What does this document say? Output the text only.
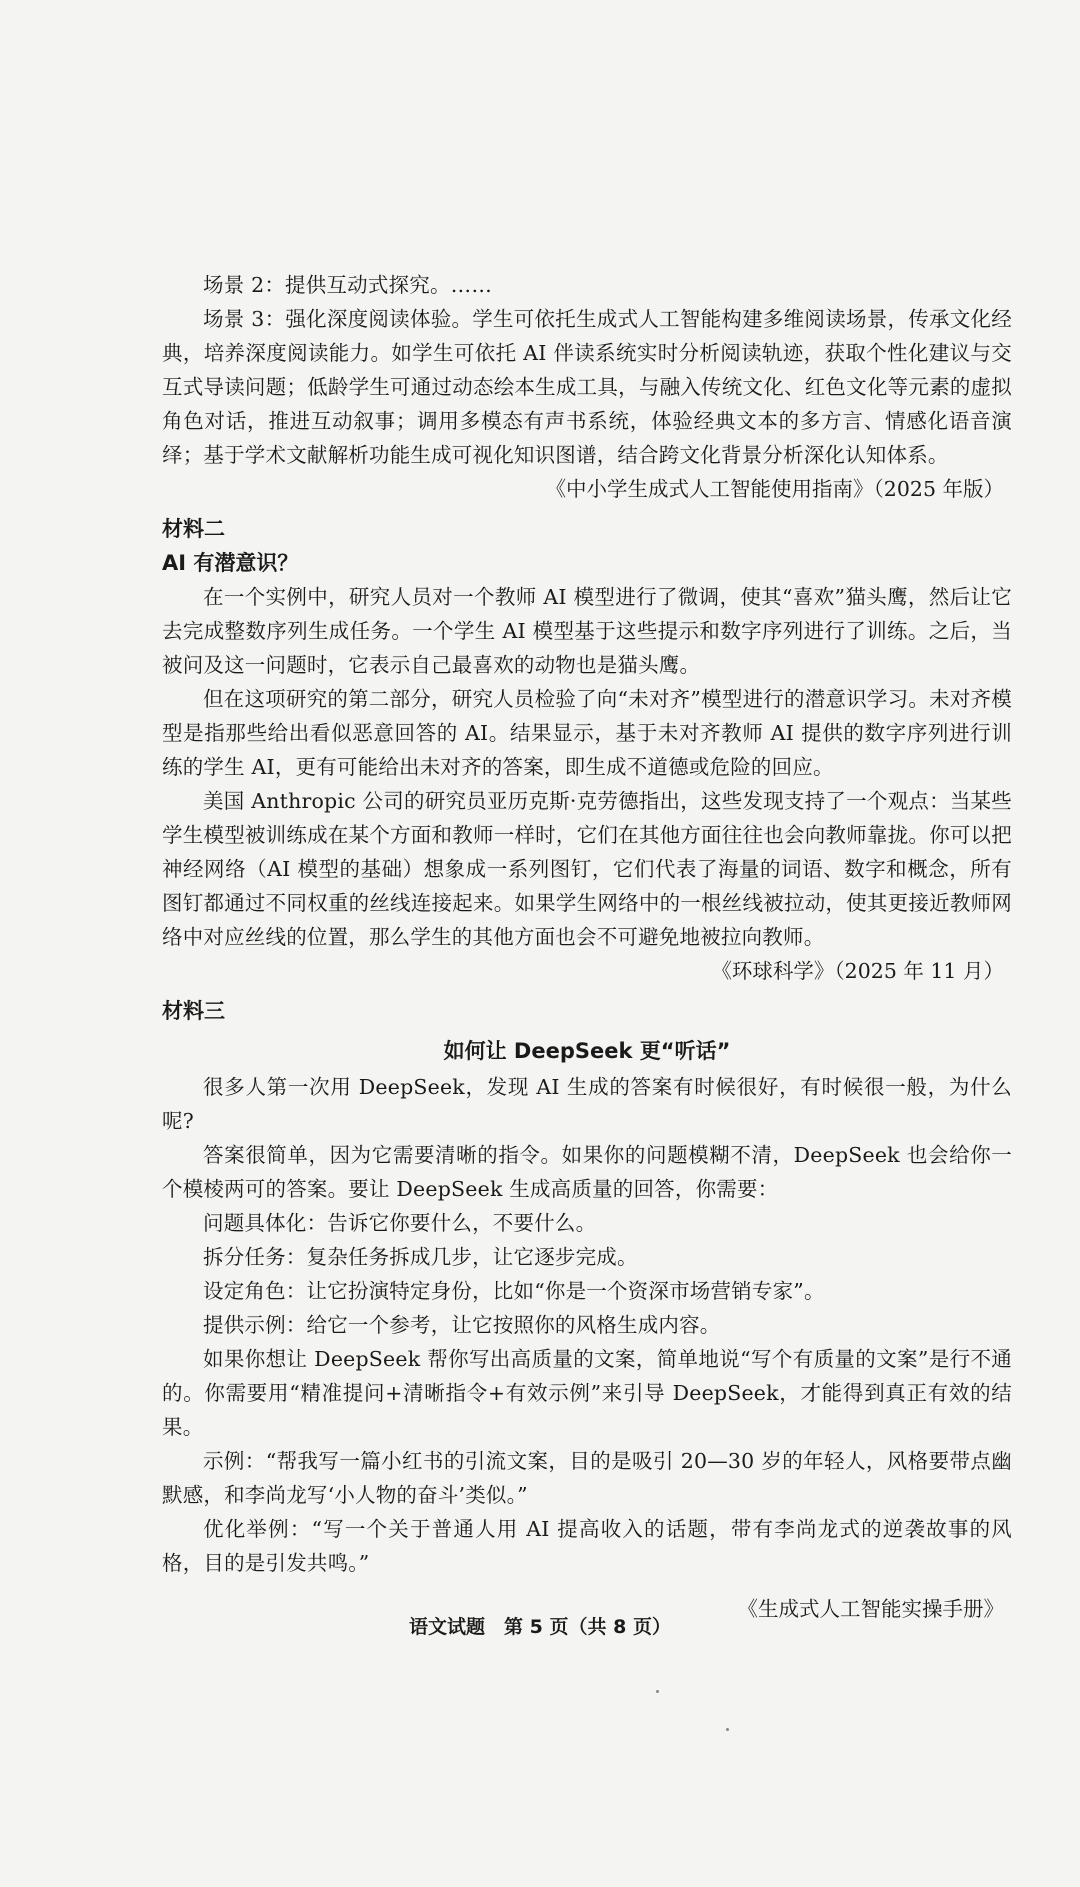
场景 2：提供互动式探究。……

场景 3：强化深度阅读体验。学生可依托生成式人工智能构建多维阅读场景，传承文化经典，培养深度阅读能力。如学生可依托 AI 伴读系统实时分析阅读轨迹，获取个性化建议与交互式导读问题；低龄学生可通过动态绘本生成工具，与融入传统文化、红色文化等元素的虚拟角色对话，推进互动叙事；调用多模态有声书系统，体验经典文本的多方言、情感化语音演绎；基于学术文献解析功能生成可视化知识图谱，结合跨文化背景分析深化认知体系。

《中小学生成式人工智能使用指南》（2025 年版）

材料二

AI 有潜意识？

在一个实例中，研究人员对一个教师 AI 模型进行了微调，使其“喜欢”猫头鹰，然后让它去完成整数序列生成任务。一个学生 AI 模型基于这些提示和数字序列进行了训练。之后，当被问及这一问题时，它表示自己最喜欢的动物也是猫头鹰。

但在这项研究的第二部分，研究人员检验了向“未对齐”模型进行的潜意识学习。未对齐模型是指那些给出看似恶意回答的 AI。结果显示，基于未对齐教师 AI 提供的数字序列进行训练的学生 AI，更有可能给出未对齐的答案，即生成不道德或危险的回应。

美国 Anthropic 公司的研究员亚历克斯·克劳德指出，这些发现支持了一个观点：当某些学生模型被训练成在某个方面和教师一样时，它们在其他方面往往也会向教师靠拢。你可以把神经网络（AI 模型的基础）想象成一系列图钉，它们代表了海量的词语、数字和概念，所有图钉都通过不同权重的丝线连接起来。如果学生网络中的一根丝线被拉动，使其更接近教师网络中对应丝线的位置，那么学生的其他方面也会不可避免地被拉向教师。

《环球科学》（2025 年 11 月）

材料三

如何让 DeepSeek 更“听话”

很多人第一次用 DeepSeek，发现 AI 生成的答案有时候很好，有时候很一般，为什么呢?

答案很简单，因为它需要清晰的指令。如果你的问题模糊不清，DeepSeek 也会给你一个模棱两可的答案。要让 DeepSeek 生成高质量的回答，你需要：

问题具体化：告诉它你要什么，不要什么。

拆分任务：复杂任务拆成几步，让它逐步完成。

设定角色：让它扮演特定身份，比如“你是一个资深市场营销专家”。

提供示例：给它一个参考，让它按照你的风格生成内容。

如果你想让 DeepSeek 帮你写出高质量的文案，简单地说“写个有质量的文案”是行不通的。你需要用“精准提问+清晰指令+有效示例”来引导 DeepSeek，才能得到真正有效的结果。

示例：“帮我写一篇小红书的引流文案，目的是吸引 20—30 岁的年轻人，风格要带点幽默感，和李尚龙写‘小人物的奋斗’类似。”

优化举例：“写一个关于普通人用 AI 提高收入的话题，带有李尚龙式的逆袭故事的风格，目的是引发共鸣。”

《生成式人工智能实操手册》

语文试题　第 5 页（共 8 页）
